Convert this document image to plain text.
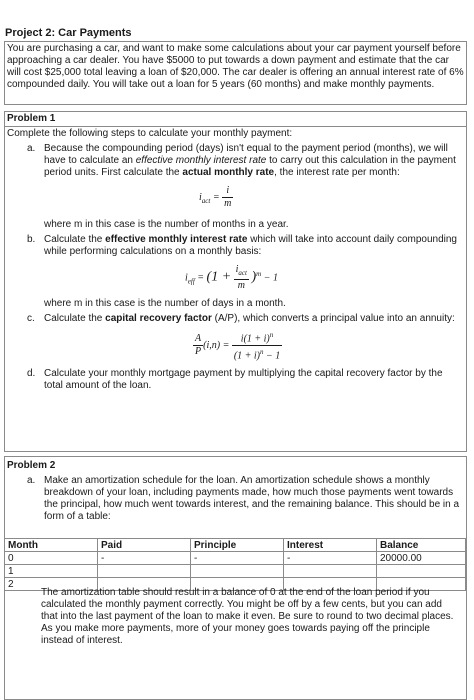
Project 2: Car Payments
You are purchasing a car, and want to make some calculations about your car payment yourself before approaching a car dealer. You have $5000 to put towards a down payment and estimate that the car will cost $25,000 total leaving a loan of $20,000. The car dealer is offering an annual interest rate of 6% compounded daily. You will take out a loan for 5 years (60 months) and make monthly payments.
Problem 1
Complete the following steps to calculate your monthly payment:
a. Because the compounding period (days) isn't equal to the payment period (months), we will have to calculate an effective monthly interest rate to carry out this calculation in the payment period units. First calculate the actual monthly rate, the interest rate per month:
$i_{act} = \frac{i}{m}$
where m in this case is the number of months in a year.
b. Calculate the effective monthly interest rate which will take into account daily compounding while performing calculations on a monthly basis:
$i_{eff} = (1 + \frac{i_{act}}{m} )^m - 1$
where m in this case is the number of days in a month.
c. Calculate the capital recovery factor (A/P), which converts a principal value into an annuity:
$\frac{A}{P} (i,n) = \frac{i(1 + i)^n}{(1 + i)^n - 1}$
d. Calculate your monthly mortgage payment by multiplying the capital recovery factor by the total amount of the loan.
Problem 2
a. Make an amortization schedule for the loan. An amortization schedule shows a monthly breakdown of your loan, including payments made, how much those payments went towards the principal, how much went towards interest, and the remaining balance. This should be in a form of a table:
Month	Paid	Principle	Interest	Balance
0	-	-	-	20000.00
1				
2				
The amortization table should result in a balance of 0 at the end of the loan period if you calculated the monthly payment correctly. You might be off by a few cents, but you can add that into the last payment of the loan to make it even. Be sure to round to two decimal places. As you make more payments, more of your money goes towards paying off the principle instead of interest.
